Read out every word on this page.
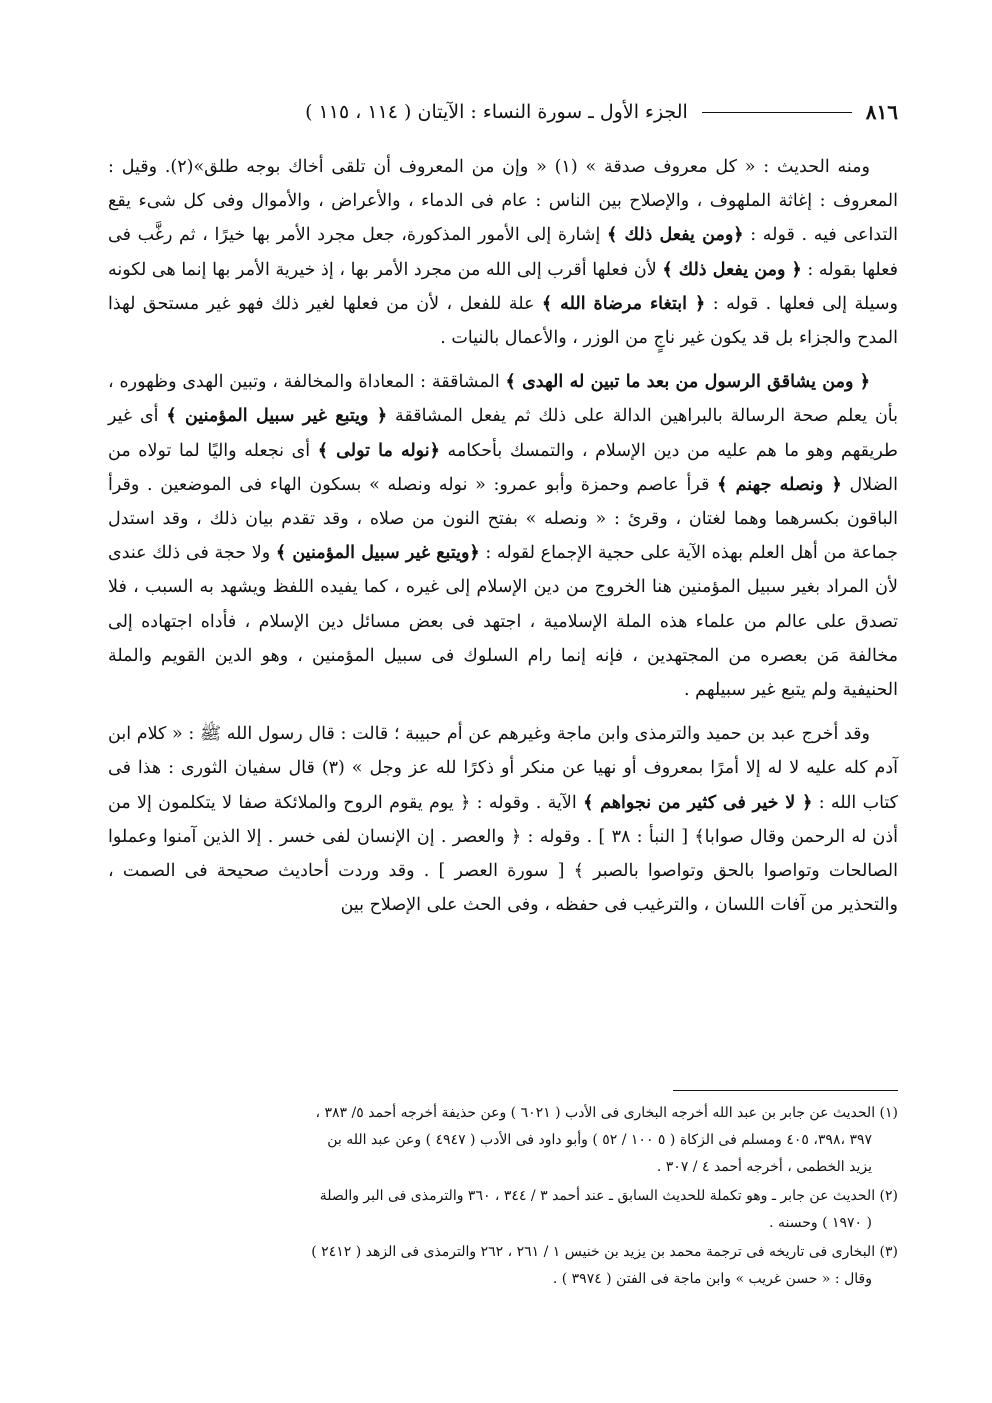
٨١٦
الجزء الأول ـ سورة النساء : الآيتان ( ١١٤ ، ١١٥ )

ومنه الحديث : « كل معروف صدقة » (١) « وإن من المعروف أن تلقى أخاك بوجه طلق»(٢). وقيل : المعروف : إغاثة الملهوف ، والإصلاح بين الناس : عام فى الدماء ، والأعراض ، والأموال وفى كل شىء يقع التداعى فيه . قوله : ﴿ومن يفعل ذلك ﴾ إشارة إلى الأمور المذكورة، جعل مجرد الأمر بها خيرًا ، ثم رغَّب فى فعلها بقوله : ﴿ ومن يفعل ذلك ﴾ لأن فعلها أقرب إلى الله من مجرد الأمر بها ، إذ خيرية الأمر بها إنما هى لكونه وسيلة إلى فعلها . قوله : ﴿ ابتغاء مرضاة الله ﴾ علة للفعل ، لأن من فعلها لغير ذلك فهو غير مستحق لهذا المدح والجزاء بل قد يكون غير ناجٍ من الوزر ، والأعمال بالنيات .

﴿ ومن يشاقق الرسول من بعد ما تبين له الهدى ﴾ المشاققة : المعاداة والمخالفة ، وتبين الهدى وظهوره ، بأن يعلم صحة الرسالة بالبراهين الدالة على ذلك ثم يفعل المشاققة ﴿ ويتبع غير سبيل المؤمنين ﴾ أى غير طريقهم وهو ما هم عليه من دين الإسلام ، والتمسك بأحكامه ﴿نوله ما تولى ﴾ أى نجعله واليًا لما تولاه من الضلال ﴿ ونصله جهنم ﴾ قرأ عاصم وحمزة وأبو عمرو: « نوله ونصله » بسكون الهاء فى الموضعين . وقرأ الباقون بكسرهما وهما لغتان ، وقرئ : « ونصله » بفتح النون من صلاه ، وقد تقدم بيان ذلك ، وقد استدل جماعة من أهل العلم بهذه الآية على حجية الإجماع لقوله : ﴿ويتبع غير سبيل المؤمنين ﴾ ولا حجة فى ذلك عندى لأن المراد بغير سبيل المؤمنين هنا الخروج من دين الإسلام إلى غيره ، كما يفيده اللفظ ويشهد به السبب ، فلا تصدق على عالم من علماء هذه الملة الإسلامية ، اجتهد فى بعض مسائل دين الإسلام ، فأداه اجتهاده إلى مخالفة مَن بعصره من المجتهدين ، فإنه إنما رام السلوك فى سبيل المؤمنين ، وهو الدين القويم والملة الحنيفية ولم يتبع غير سبيلهم .

وقد أخرج عبد بن حميد والترمذى وابن ماجة وغيرهم عن أم حبيبة ؛ قالت : قال رسول الله ﷺ : « كلام ابن آدم كله عليه لا له إلا أمرًا بمعروف أو نهيا عن منكر أو ذكرًا لله عز وجل » (٣) قال سفيان الثورى : هذا فى كتاب الله : ﴿ لا خير فى كثير من نجواهم ﴾ الآية . وقوله : ﴿ يوم يقوم الروح والملائكة صفا لا يتكلمون إلا من أذن له الرحمن وقال صوابا﴾ [ النبأ : ٣٨ ] . وقوله : ﴿ والعصر . إن الإنسان لفى خسر . إلا الذين آمنوا وعملوا الصالحات وتواصوا بالحق وتواصوا بالصبر ﴾ [ سورة العصر ] . وقد وردت أحاديث صحيحة فى الصمت ، والتحذير من آفات اللسان ، والترغيب فى حفظه ، وفى الحث على الإصلاح بين

(١) الحديث عن جابر بن عبد الله أخرجه البخارى فى الأدب ( ٦٠٢١ ) وعن حذيفة أخرجه أحمد ٥/ ٣٨٣ ،
٣٩٧ ،٣٩٨، ٤٠٥ ومسلم فى الزكاة ( ٥ ١٠٠ / ٥٢ ) وأبو داود فى الأدب ( ٤٩٤٧ ) وعن عبد الله بن
يزيد الخطمى ، أخرجه أحمد ٤ / ٣٠٧ .
(٢) الحديث عن جابر ـ وهو تكملة للحديث السابق ـ عند أحمد ٣ / ٣٤٤ ، ٣٦٠ والترمذى فى البر والصلة
( ١٩٧٠ ) وحسنه .
(٣) البخارى فى تاريخه فى ترجمة محمد بن يزيد بن خنيس ١ / ٢٦١ ، ٢٦٢ والترمذى فى الزهد ( ٢٤١٢ )
وقال : « حسن غريب » وابن ماجة فى الفتن ( ٣٩٧٤ ) .
